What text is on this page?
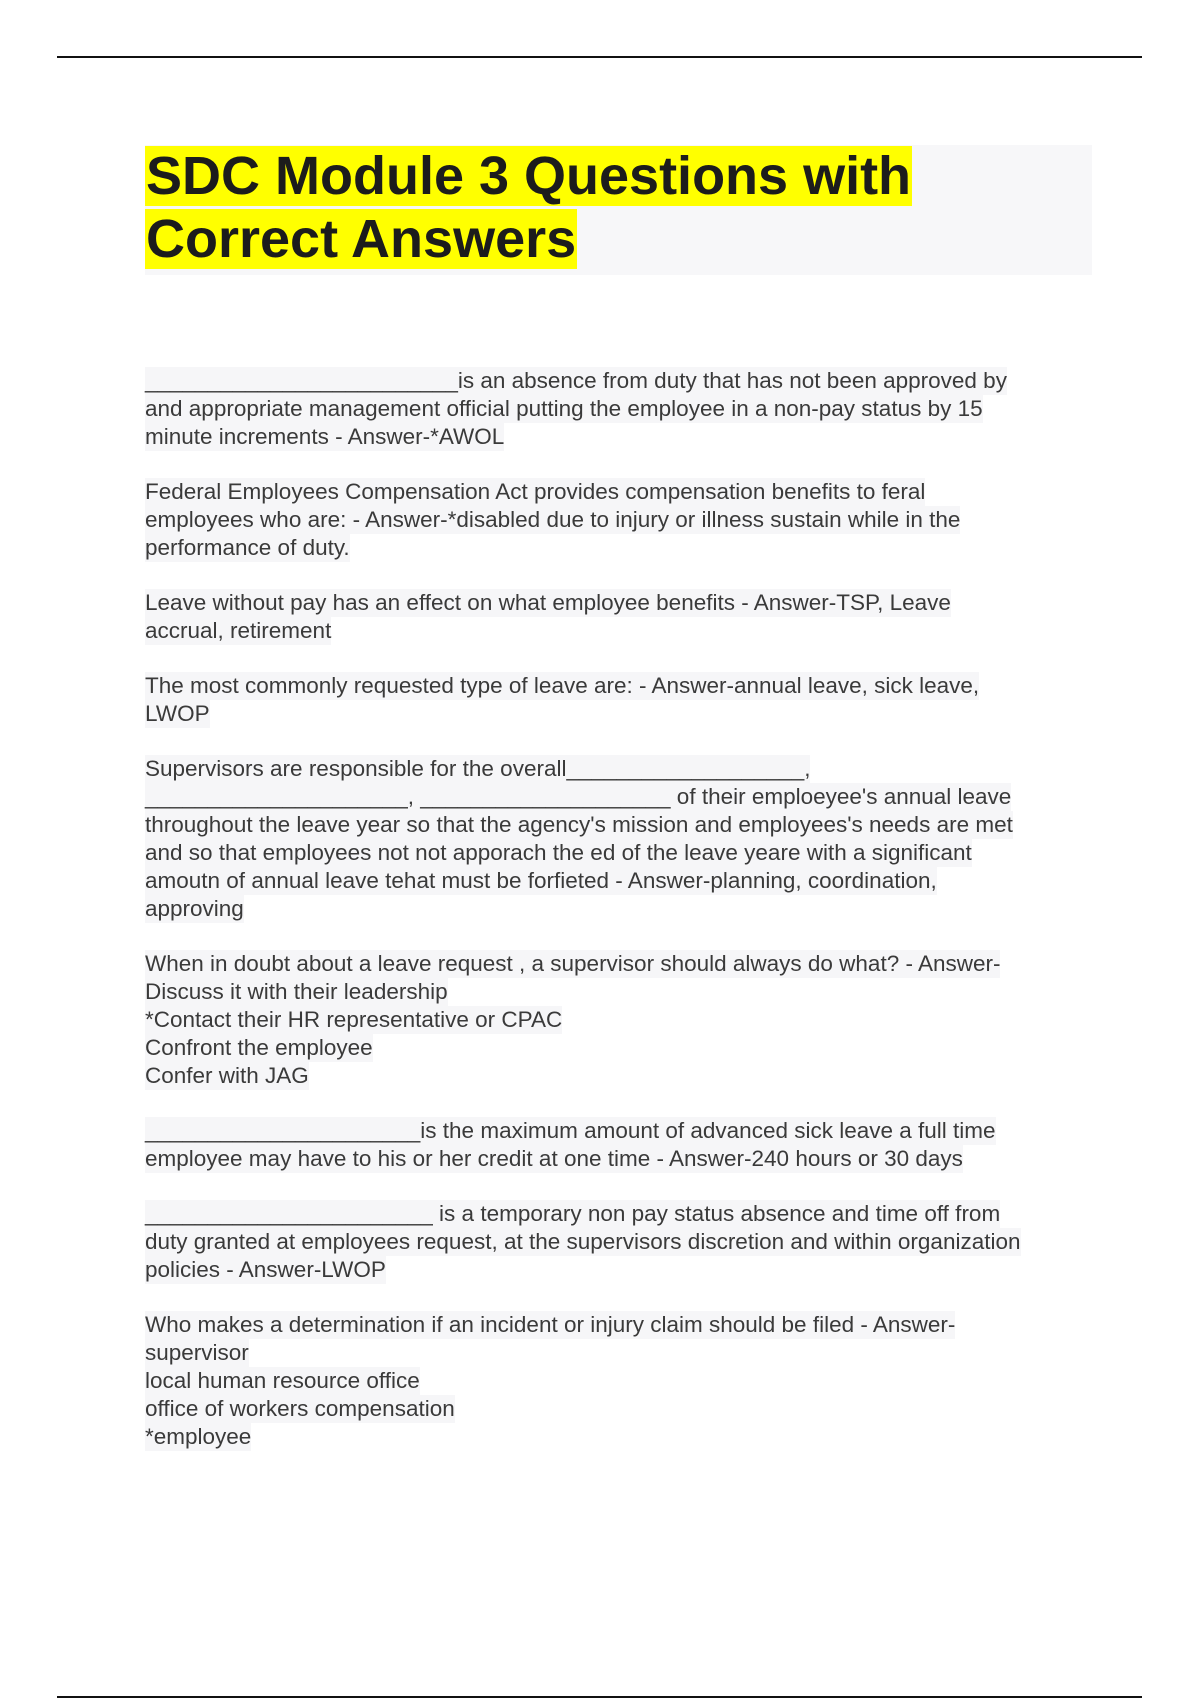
SDC Module 3 Questions with
Correct Answers

_________________________is an absence from duty that has not been approved by
and appropriate management official putting the employee in a non-pay status by 15
minute increments - Answer-*AWOL

Federal Employees Compensation Act provides compensation benefits to feral
employees who are: - Answer-*disabled due to injury or illness sustain while in the
performance of duty.

Leave without pay has an effect on what employee benefits - Answer-TSP, Leave
accrual, retirement

The most commonly requested type of leave are: - Answer-annual leave, sick leave,
LWOP

Supervisors are responsible for the overall___________________,
_____________________, ____________________ of their emploeyee's annual leave
throughout the leave year so that the agency's mission and employees's needs are met
and so that employees not not apporach the ed of the leave yeare with a significant
amoutn of annual leave tehat must be forfieted - Answer-planning, coordination,
approving

When in doubt about a leave request , a supervisor should always do what? - Answer-
Discuss it with their leadership
*Contact their HR representative or CPAC
Confront the employee
Confer with JAG

______________________is the maximum amount of advanced sick leave a full time
employee may have to his or her credit at one time - Answer-240 hours or 30 days

_______________________ is a temporary non pay status absence and time off from
duty granted at employees request, at the supervisors discretion and within organization
policies - Answer-LWOP

Who makes a determination if an incident or injury claim should be filed - Answer-
supervisor
local human resource office
office of workers compensation
*employee
